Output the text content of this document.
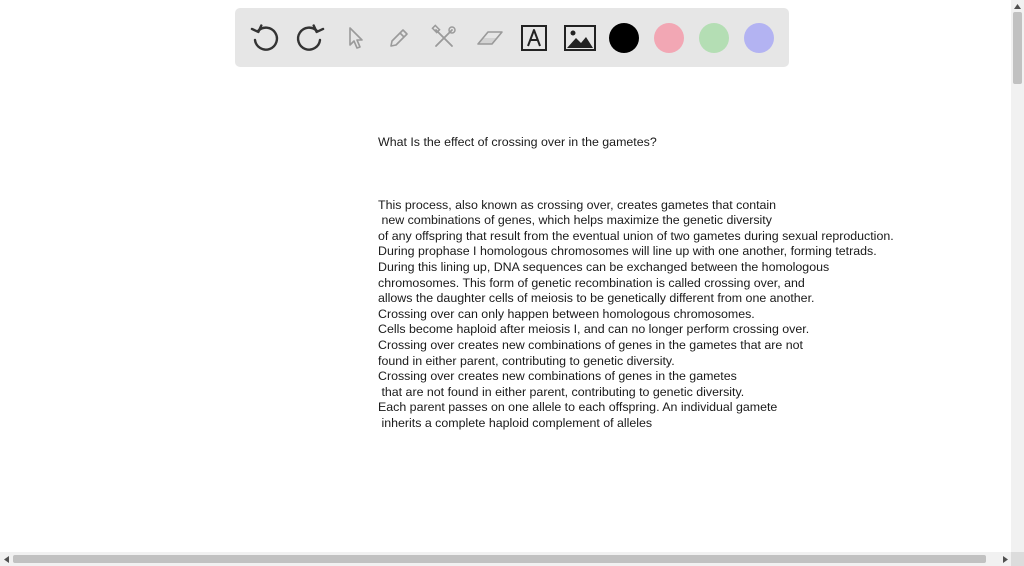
What Is the effect of crossing over in the gametes?

This process, also known as crossing over, creates gametes that contain
new combinations of genes, which helps maximize the genetic diversity
of any offspring that result from the eventual union of two gametes during sexual reproduction.
During prophase I homologous chromosomes will line up with one another, forming tetrads.
During this lining up, DNA sequences can be exchanged between the homologous
chromosomes. This form of genetic recombination is called crossing over, and
allows the daughter cells of meiosis to be genetically different from one another.
Crossing over can only happen between homologous chromosomes.
Cells become haploid after meiosis I, and can no longer perform crossing over.
Crossing over creates new combinations of genes in the gametes that are not
found in either parent, contributing to genetic diversity.
Crossing over creates new combinations of genes in the gametes
that are not found in either parent, contributing to genetic diversity.
Each parent passes on one allele to each offspring. An individual gamete
inherits a complete haploid complement of alleles
